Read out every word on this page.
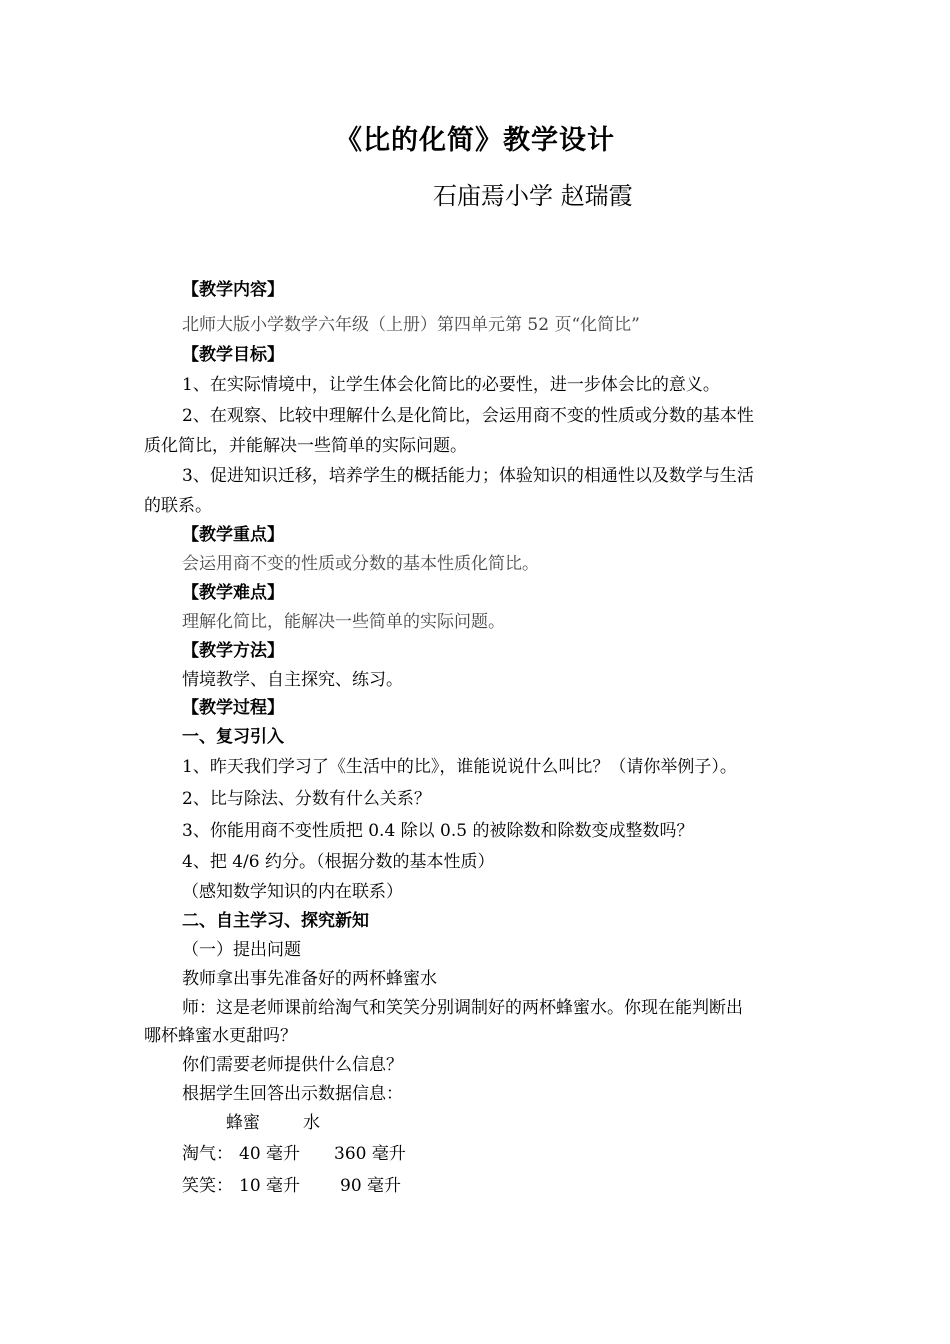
《比的化简》教学设计
石庙焉小学 赵瑞霞
【教学内容】
北师大版小学数学六年级（上册）第四单元第 52 页“化简比”
【教学目标】
1、在实际情境中，让学生体会化简比的必要性，进一步体会比的意义。
2、在观察、比较中理解什么是化简比，会运用商不变的性质或分数的基本性
质化简比，并能解决一些简单的实际问题。
3、促进知识迁移，培养学生的概括能力；体验知识的相通性以及数学与生活
的联系。
【教学重点】
会运用商不变的性质或分数的基本性质化简比。
【教学难点】
理解化简比，能解决一些简单的实际问题。
【教学方法】
情境教学、自主探究、练习。
【教学过程】
一、复习引入
1、昨天我们学习了《生活中的比》，谁能说说什么叫比？（请你举例子）。
2、比与除法、分数有什么关系？
3、你能用商不变性质把 0.4 除以 0.5 的被除数和除数变成整数吗？
4、把 4/6 约分。（根据分数的基本性质）
（感知数学知识的内在联系）
二、自主学习、探究新知
（一）提出问题
教师拿出事先准备好的两杯蜂蜜水
师：这是老师课前给淘气和笑笑分别调制好的两杯蜂蜜水。你现在能判断出
哪杯蜂蜜水更甜吗？
你们需要老师提供什么信息？
根据学生回答出示数据信息：
蜂蜜	水
淘气： 40 毫升 360 毫升
笑笑： 10 毫升 90 毫升
